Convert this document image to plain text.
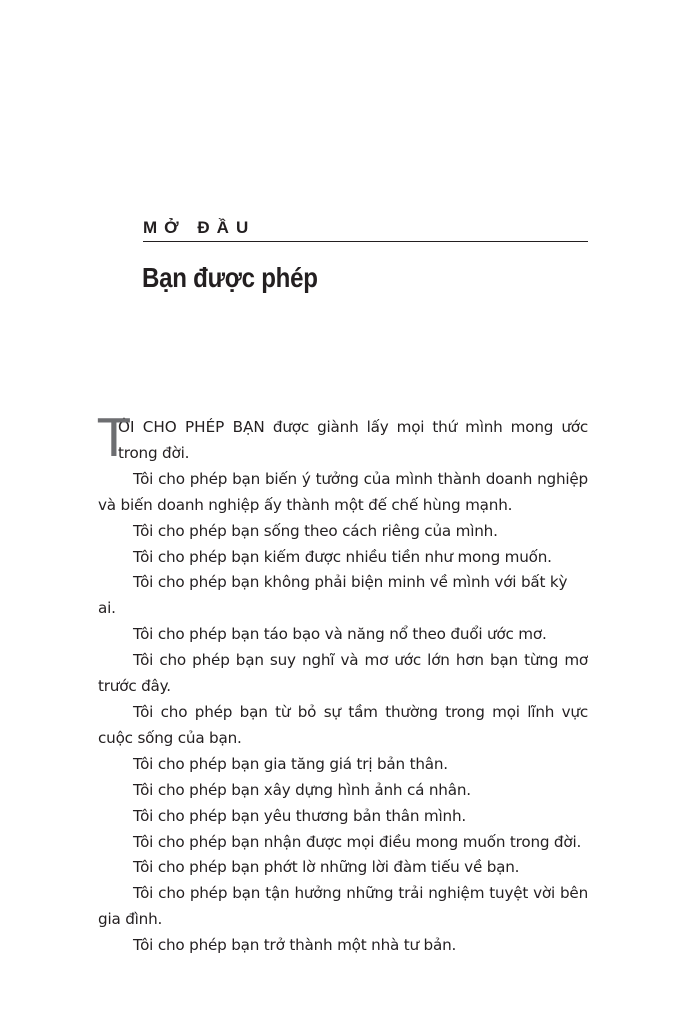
MỞ ĐẦU
Bạn được phép

T
ÔI CHO PHÉP BẠN được giành lấy mọi thứ mình mong ước trong đời.

Tôi cho phép bạn biến ý tưởng của mình thành doanh nghiệp và biến doanh nghiệp ấy thành một đế chế hùng mạnh.

Tôi cho phép bạn sống theo cách riêng của mình.

Tôi cho phép bạn kiếm được nhiều tiền như mong muốn.

Tôi cho phép bạn không phải biện minh về mình với bất kỳ ai.

Tôi cho phép bạn táo bạo và năng nổ theo đuổi ước mơ.

Tôi cho phép bạn suy nghĩ và mơ ước lớn hơn bạn từng mơ trước đây.

Tôi cho phép bạn từ bỏ sự tầm thường trong mọi lĩnh vực cuộc sống của bạn.

Tôi cho phép bạn gia tăng giá trị bản thân.

Tôi cho phép bạn xây dựng hình ảnh cá nhân.

Tôi cho phép bạn yêu thương bản thân mình.

Tôi cho phép bạn nhận được mọi điều mong muốn trong đời.

Tôi cho phép bạn phớt lờ những lời đàm tiếu về bạn.

Tôi cho phép bạn tận hưởng những trải nghiệm tuyệt vời bên gia đình.

Tôi cho phép bạn trở thành một nhà tư bản.
